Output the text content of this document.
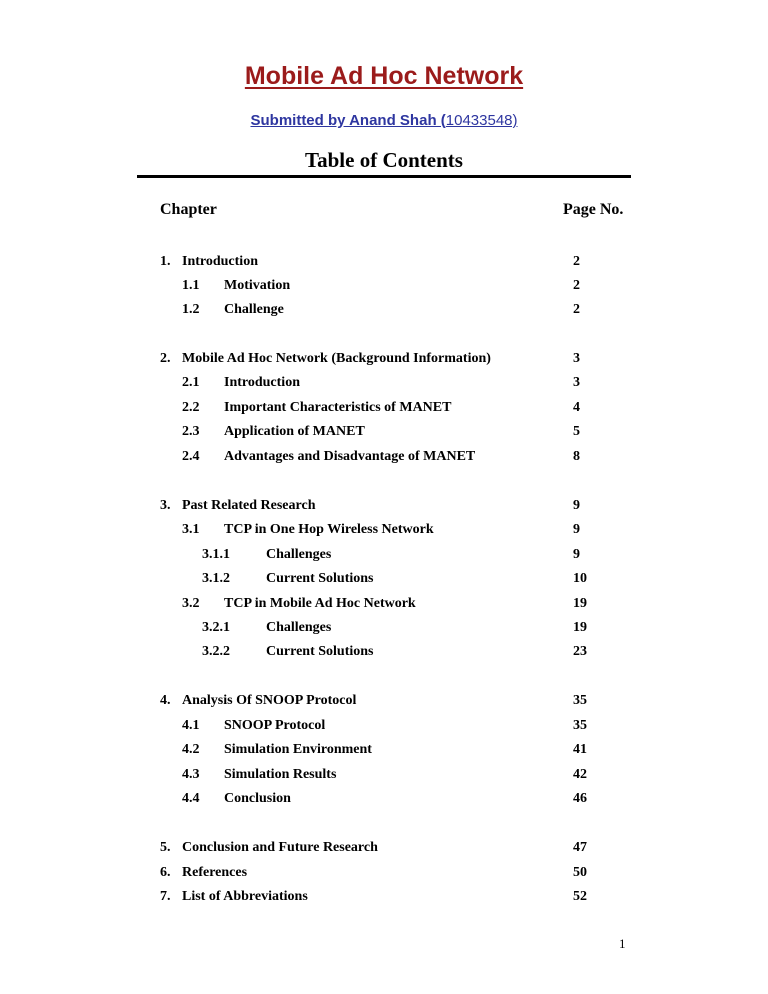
Mobile Ad Hoc Network
Submitted by Anand Shah (10433548)
Table of Contents
Chapter	Page No.
1. Introduction	2
1.1 Motivation	2
1.2 Challenge	2
2. Mobile Ad Hoc Network (Background Information)	3
2.1 Introduction	3
2.2 Important Characteristics of MANET	4
2.3 Application of MANET	5
2.4 Advantages and Disadvantage of MANET	8
3. Past Related Research	9
3.1 TCP in One Hop Wireless Network	9
3.1.1	Challenges	9
3.1.2	Current Solutions	10
3.2 TCP in Mobile Ad Hoc Network	19
3.2.1	Challenges	19
3.2.2	Current Solutions	23
4. Analysis Of SNOOP Protocol	35
4.1 SNOOP Protocol	35
4.2 Simulation Environment	41
4.3 Simulation Results	42
4.4 Conclusion	46
5. Conclusion and Future Research	47
6. References	50
7. List of Abbreviations	52
1
